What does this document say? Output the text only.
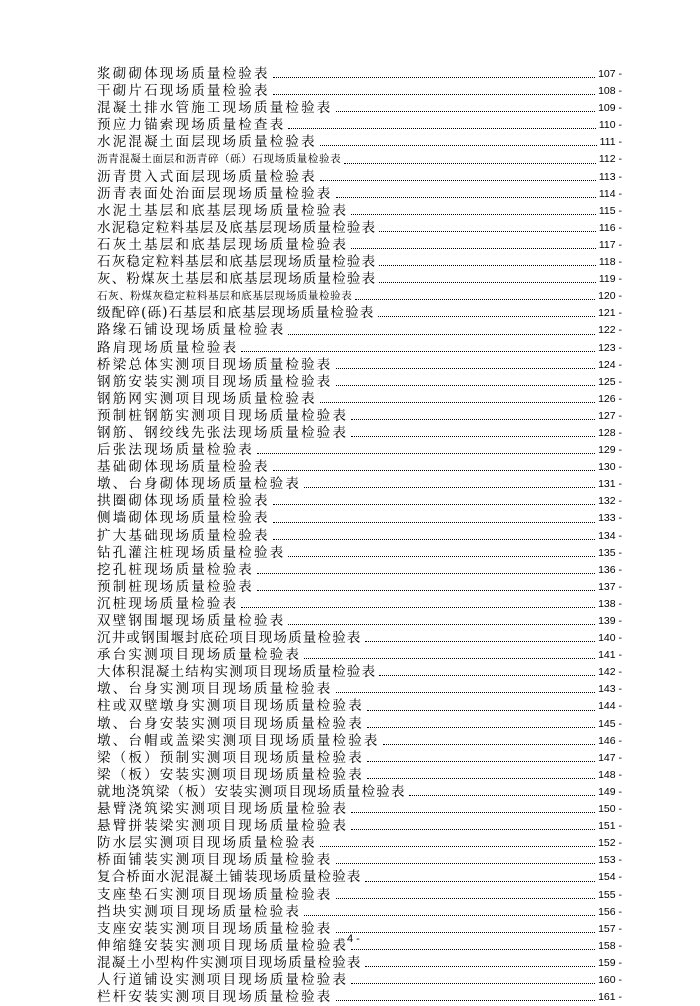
浆砌砌体现场质量检验表	107 -
干砌片石现场质量检验表	108 -
混凝土排水管施工现场质量检验表	109 -
预应力锚索现场质量检查表	110 -
水泥混凝土面层现场质量检验表	111 -
沥青混凝土面层和沥青碎（砾）石现场质量检验表	112 -
沥青贯入式面层现场质量检验表	113 -
沥青表面处治面层现场质量检验表	114 -
水泥土基层和底基层现场质量检验表	115 -
水泥稳定粒料基层及底基层现场质量检验表	116 -
石灰土基层和底基层现场质量检验表	117 -
石灰稳定粒料基层和底基层现场质量检验表	118 -
灰、粉煤灰土基层和底基层现场质量检验表	119 -
石灰、粉煤灰稳定粒料基层和底基层现场质量检验表	120 -
级配碎(砾)石基层和底基层现场质量检验表	121 -
路缘石铺设现场质量检验表	122 -
路肩现场质量检验表	123 -
桥梁总体实测项目现场质量检验表	124 -
钢筋安装实测项目现场质量检验表	125 -
钢筋网实测项目现场质量检验表	126 -
预制桩钢筋实测项目现场质量检验表	127 -
钢筋、钢绞线先张法现场质量检验表	128 -
后张法现场质量检验表	129 -
基础砌体现场质量检验表	130 -
墩、台身砌体现场质量检验表	131 -
拱圈砌体现场质量检验表	132 -
侧墙砌体现场质量检验表	133 -
扩大基础现场质量检验表	134 -
钻孔灌注桩现场质量检验表	135 -
挖孔桩现场质量检验表	136 -
预制桩现场质量检验表	137 -
沉桩现场质量检验表	138 -
双壁钢围堰现场质量检验表	139 -
沉井或钢围堰封底砼项目现场质量检验表	140 -
承台实测项目现场质量检验表	141 -
大体积混凝土结构实测项目现场质量检验表	142 -
墩、台身实测项目现场质量检验表	143 -
柱或双壁墩身实测项目现场质量检验表	144 -
墩、台身安装实测项目现场质量检验表	145 -
墩、台帽或盖梁实测项目现场质量检验表	146 -
梁（板）预制实测项目现场质量检验表	147 -
梁（板）安装实测项目现场质量检验表	148 -
就地浇筑梁（板）安装实测项目现场质量检验表	149 -
悬臂浇筑梁实测项目现场质量检验表	150 -
悬臂拼装梁实测项目现场质量检验表	151 -
防水层实测项目现场质量检验表	152 -
桥面铺装实测项目现场质量检验表	153 -
复合桥面水泥混凝土铺装现场质量检验表	154 -
支座垫石实测项目现场质量检验表	155 -
挡块实测项目现场质量检验表	156 -
支座安装实测项目现场质量检验表	157 -
伸缩缝安装实测项目现场质量检验表	158 -
混凝土小型构件实测项目现场质量检验表	159 -
人行道铺设实测项目现场质量检验表	160 -
栏杆安装实测项目现场质量检验表	161 -
- 4 -
